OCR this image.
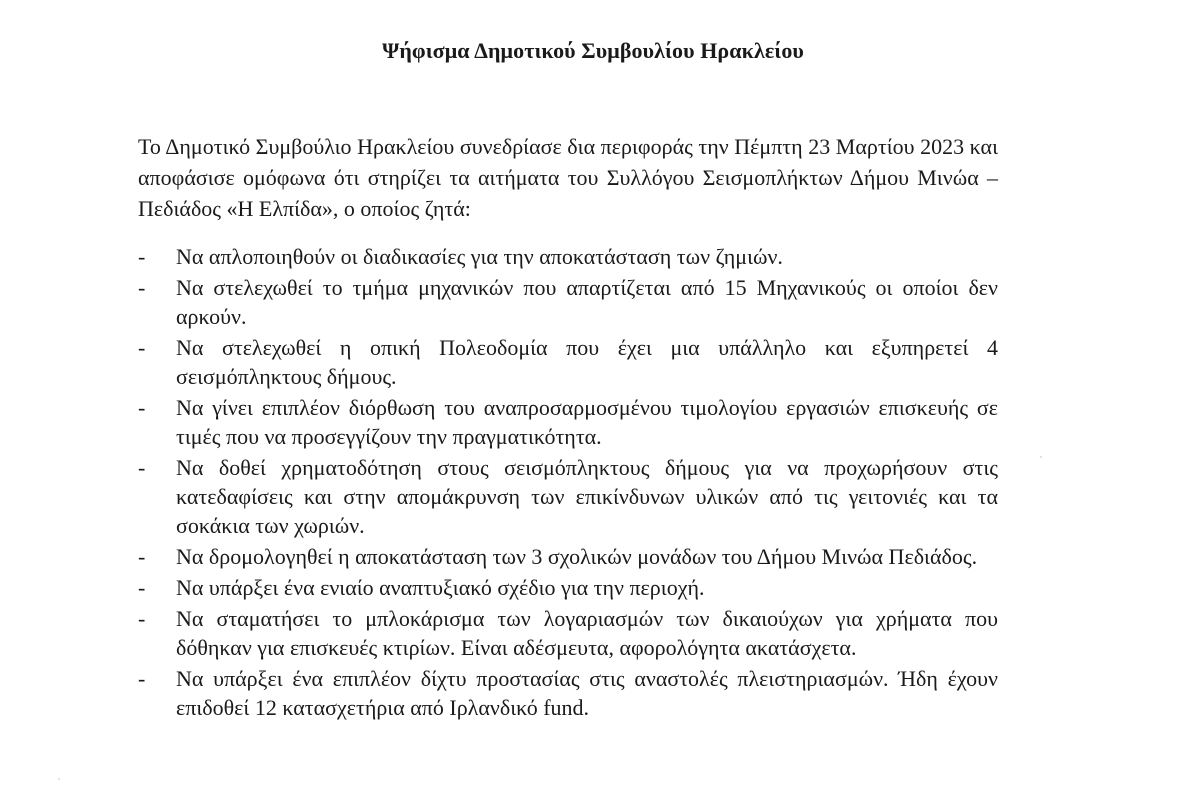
Ψήφισμα Δημοτικού Συμβουλίου Ηρακλείου

Το Δημοτικό Συμβούλιο Ηρακλείου συνεδρίασε δια περιφοράς την Πέμπτη 23 Μαρτίου 2023 και αποφάσισε ομόφωνα ότι στηρίζει τα αιτήματα του Συλλόγου Σεισμοπλήκτων Δήμου Μινώα – Πεδιάδος «Η Ελπίδα», ο οποίος ζητά:

-	Να απλοποιηθούν οι διαδικασίες για την αποκατάσταση των ζημιών.
-	Να στελεχωθεί το τμήμα μηχανικών που απαρτίζεται από 15 Μηχανικούς οι οποίοι δεν αρκούν.
-	Να στελεχωθεί η οπική Πολεοδομία που έχει μια υπάλληλο και εξυπηρετεί 4 σεισμόπληκτους δήμους.
-	Να γίνει επιπλέον διόρθωση του αναπροσαρμοσμένου τιμολογίου εργασιών επισκευής σε τιμές που να προσεγγίζουν την πραγματικότητα.
-	Να δοθεί χρηματοδότηση στους σεισμόπληκτους δήμους για να προχωρήσουν στις κατεδαφίσεις και στην απομάκρυνση των επικίνδυνων υλικών από τις γειτονιές και τα σοκάκια των χωριών.
-	Να δρομολογηθεί η αποκατάσταση των 3 σχολικών μονάδων του Δήμου Μινώα Πεδιάδος.
-	Να υπάρξει ένα ενιαίο αναπτυξιακό σχέδιο για την περιοχή.
-	Να σταματήσει το μπλοκάρισμα των λογαριασμών των δικαιούχων για χρήματα που δόθηκαν για επισκευές κτιρίων. Είναι αδέσμευτα, αφορολόγητα ακατάσχετα.
-	Να υπάρξει ένα επιπλέον δίχτυ προστασίας στις αναστολές πλειστηριασμών. Ήδη έχουν επιδοθεί 12 κατασχετήρια από Ιρλανδικό fund.
